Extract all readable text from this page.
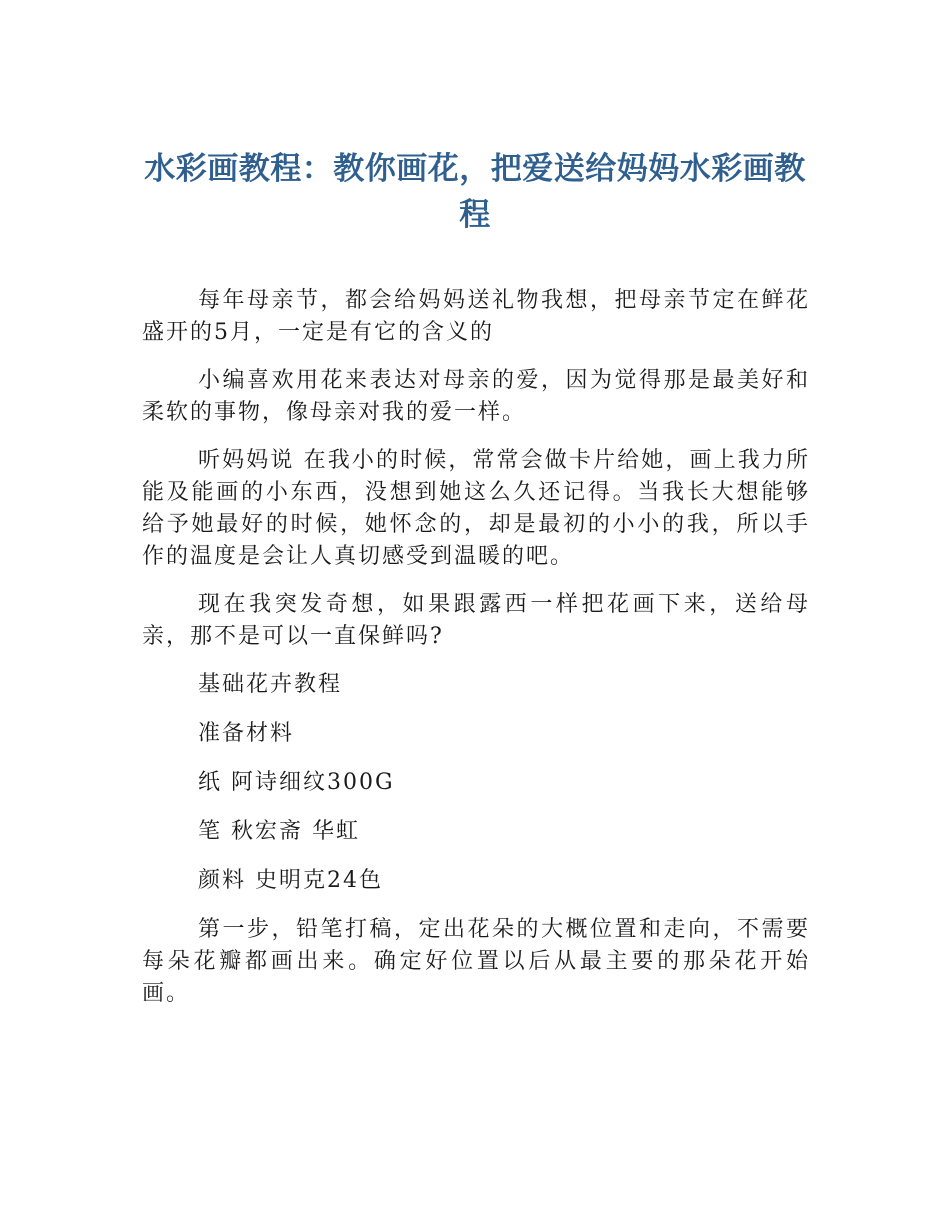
水彩画教程：教你画花，把爱送给妈妈水彩画教程

每年母亲节，都会给妈妈送礼物我想，把母亲节定在鲜花盛开的5月，一定是有它的含义的

小编喜欢用花来表达对母亲的爱，因为觉得那是最美好和柔软的事物，像母亲对我的爱一样。

听妈妈说 在我小的时候，常常会做卡片给她，画上我力所能及能画的小东西，没想到她这么久还记得。当我长大想能够给予她最好的时候，她怀念的，却是最初的小小的我，所以手作的温度是会让人真切感受到温暖的吧。

现在我突发奇想，如果跟露西一样把花画下来，送给母亲，那不是可以一直保鲜吗?

基础花卉教程

准备材料

纸 阿诗细纹300G

笔 秋宏斋 华虹

颜料 史明克24色

第一步，铅笔打稿，定出花朵的大概位置和走向，不需要每朵花瓣都画出来。确定好位置以后从最主要的那朵花开始画。
